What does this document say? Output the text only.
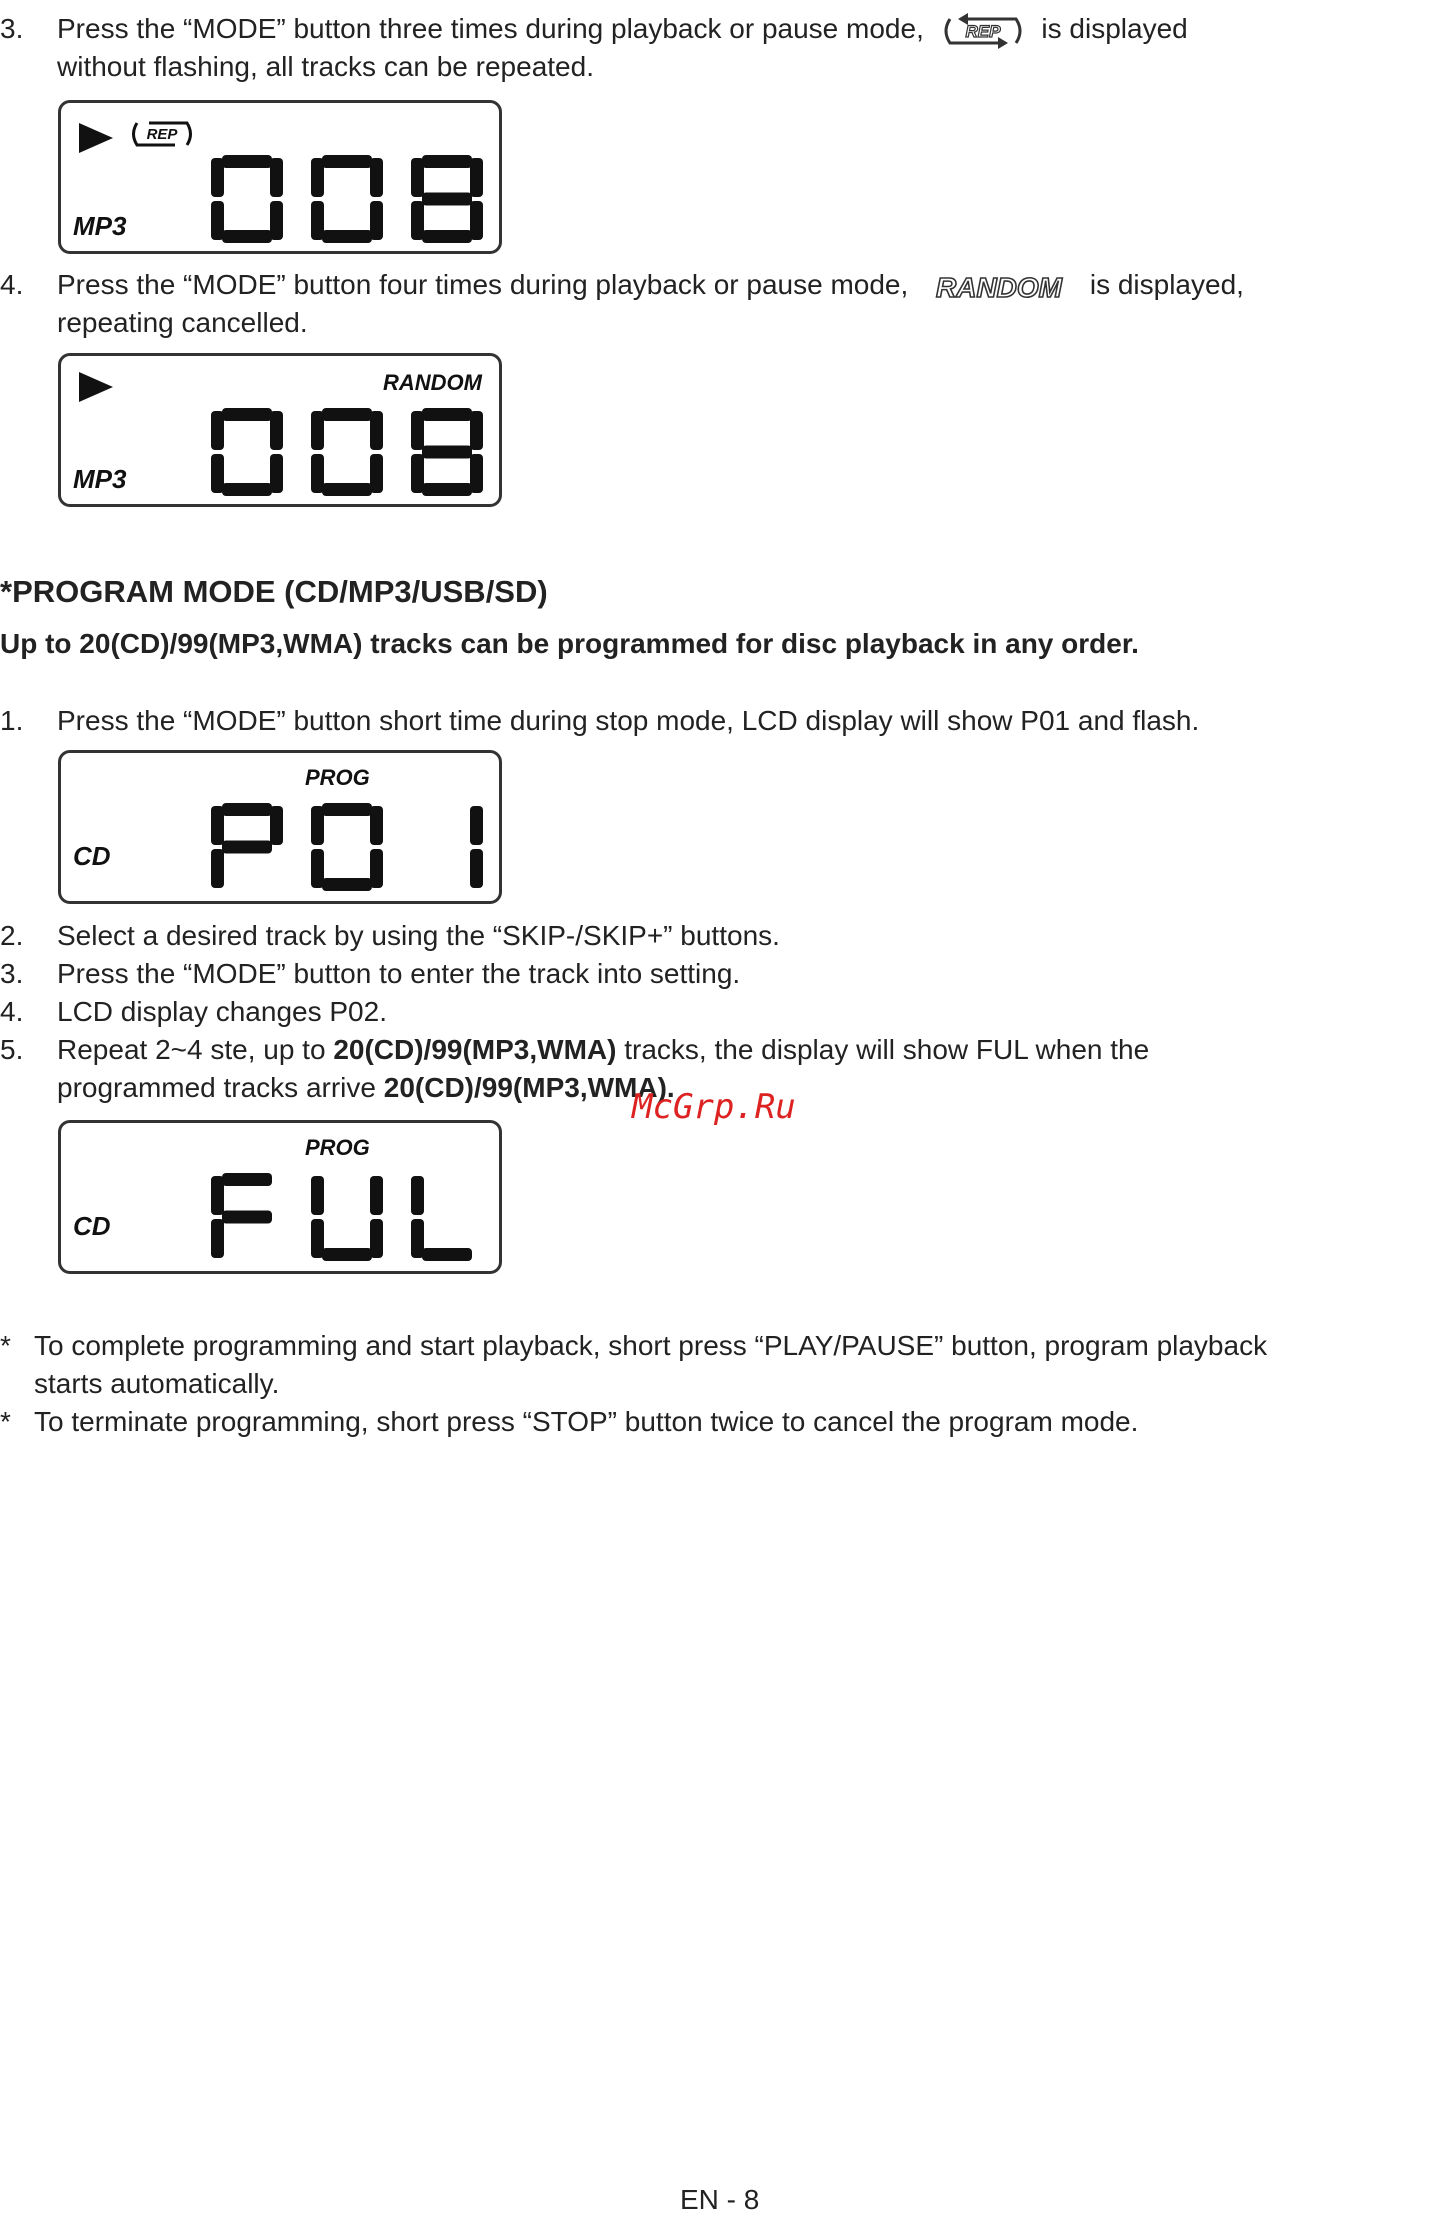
3. Press the “MODE” button three times during playback or pause mode, REP is displayed
without flashing, all tracks can be repeated.
REP
MP3
4. Press the “MODE” button four times during playback or pause mode, RANDOM is displayed,
repeating cancelled.
RANDOM
MP3
*PROGRAM MODE (CD/MP3/USB/SD)
Up to 20(CD)/99(MP3,WMA) tracks can be programmed for disc playback in any order.
1. Press the “MODE” button short time during stop mode, LCD display will show P01 and flash.
PROG
CD
2. Select a desired track by using the “SKIP-/SKIP+” buttons.
3. Press the “MODE” button to enter the track into setting.
4. LCD display changes P02.
5. Repeat 2~4 ste, up to 20(CD)/99(MP3,WMA) tracks, the display will show FUL when the
programmed tracks arrive 20(CD)/99(MP3,WMA).
McGrp.Ru
PROG
CD
* To complete programming and start playback, short press “PLAY/PAUSE” button, program playback
starts automatically.
* To terminate programming, short press “STOP” button twice to cancel the program mode.
EN - 8
